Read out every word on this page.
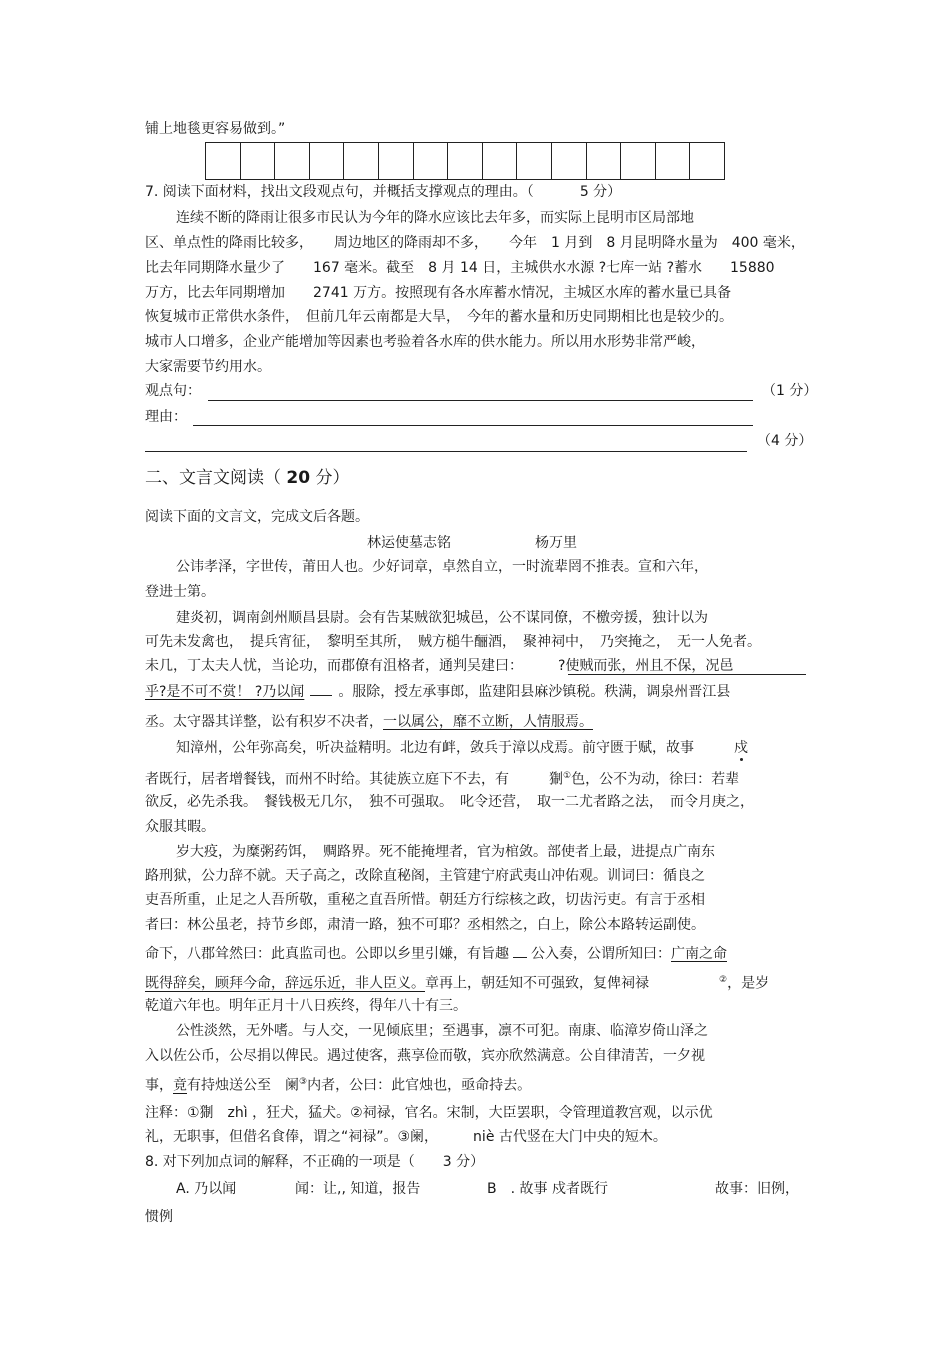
铺上地毯更容易做到。”
7. 阅读下面材料，找出文段观点句，并概括支撑观点的理由。（	5 分）
连续不断的降雨让很多市民认为今年的降水应该比去年多，而实际上昆明市区局部地
区、单点性的降雨比较多，　　周边地区的降雨却不多，　　今年　1 月到　8 月昆明降水量为　400 毫米，
比去年同期降水量少了　　167 毫米。截至　8 月 14 日，主城供水水源 ?七库一站 ?蓄水　　15880
万方，比去年同期增加　　2741 万方。按照现有各水库蓄水情况，主城区水库的蓄水量已具备
恢复城市正常供水条件，　但前几年云南都是大旱，　今年的蓄水量和历史同期相比也是较少的。
城市人口增多，企业产能增加等因素也考验着各水库的供水能力。所以用水形势非常严峻，
大家需要节约用水。
观点句：	（1 分）
理由：
（4 分）
二、文言文阅读（ 20 分）
阅读下面的文言文，完成文后各题。
林运使墓志铭	杨万里
公讳孝泽，字世传，莆田人也。少好词章，卓然自立，一时流辈罔不推表。宣和六年，
登进士第。
建炎初，调南剑州顺昌县尉。会有告某贼欲犯城邑，公不谋同僚，不檄旁援，独计以为
可先未发禽也，　提兵宵征，　黎明至其所，　贼方槌牛酾酒，　聚神祠中，　乃突掩之，　无一人免者。
未几，丁太夫人忧，当论功，而郡僚有沮格者，通判吴建曰：　　　?使贼而张，州且不保，况邑
乎?是不可不赏！ ?乃以闻 。服除，授左承事郎，监建阳县麻沙镇税。秩满，调泉州晋江县
丞。太守器其详整，讼有积岁不决者，一以属公，靡不立断，人情服焉。
知漳州，公年弥高矣，听决益精明。北边有衅，敛兵于漳以戍焉。前守匮于赋，故事	戍
者既行，居者增餐钱，而州不时给。其徒族立庭下不去，有	猘①色，公不为动，徐曰：若辈
欲反，必先杀我。　餐钱极无几尔，　独不可强取。　叱令还营，　取一二尤者路之法，　而令月庚之，
众服其暇。
岁大疫，为糜粥药饵，　赒路界。死不能掩埋者，官为棺敛。部使者上最，进提点广南东
路刑狱，公力辞不就。天子高之，改除直秘阁，主管建宁府武夷山冲佑观。训词曰：循良之
吏吾所重，止足之人吾所敬，重秘之直吾所惜。朝廷方行综核之政，切齿污吏。有言于丞相
者曰：林公虽老，持节乡郎，肃清一路，独不可耶？丞相然之，白上，除公本路转运副使。
命下，八郡耸然曰：此真监司也。公即以乡里引嫌，有旨趣 公入奏，公谓所知曰：广南之命
既得辞矣，顾拜今命，辞远乐近，非人臣义。章再上，朝廷知不可强致，复俾祠禄	②，是岁
乾道六年也。明年正月十八日疾终，得年八十有三。
公性淡然，无外嗜。与人交，一见倾底里；至遇事，凛不可犯。南康、临漳岁倚山泽之
入以佐公币，公尽捐以俾民。遇过使客，燕享俭而敬，宾亦欣然满意。公自律清苦，一夕视
事，竟有持烛送公至　阑③内者，公曰：此官烛也，亟命持去。
注释：①猘　zhì ，狂犬，猛犬。②祠禄，官名。宋制，大臣罢职，令管理道教宫观，以示优
礼，无职事，但借名食俸，谓之“祠禄”。③阑，　　　niè 古代竖在大门中央的短木。
8. 对下列加点词的解释，不正确的一项是（　　3 分）
A. 乃以闻	闻：让,, 知道，报告	B　. 故事 戍者既行	故事：旧例，
惯例
